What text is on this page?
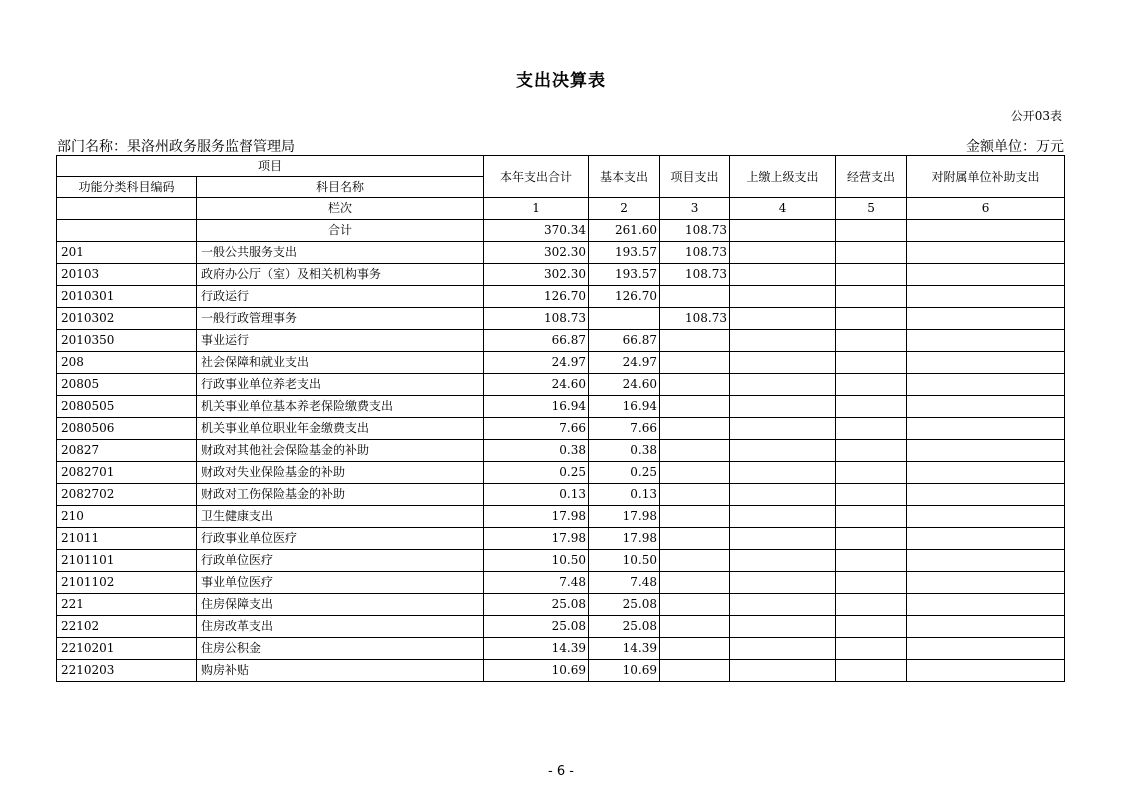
支出决算表
公开03表
部门名称：果洛州政务服务监督管理局	金额单位：万元
项目		本年支出合计	基本支出	项目支出	上缴上级支出	经营支出	对附属单位补助支出
功能分类科目编码	科目名称						
	栏次	1	2	3	4	5	6
	合计	370.34	261.60	108.73			
201	一般公共服务支出	302.30	193.57	108.73			
20103	政府办公厅（室）及相关机构事务	302.30	193.57	108.73			
2010301	行政运行	126.70	126.70				
2010302	一般行政管理事务	108.73		108.73			
2010350	事业运行	66.87	66.87				
208	社会保障和就业支出	24.97	24.97				
20805	行政事业单位养老支出	24.60	24.60				
2080505	机关事业单位基本养老保险缴费支出	16.94	16.94				
2080506	机关事业单位职业年金缴费支出	7.66	7.66				
20827	财政对其他社会保险基金的补助	0.38	0.38				
2082701	财政对失业保险基金的补助	0.25	0.25				
2082702	财政对工伤保险基金的补助	0.13	0.13				
210	卫生健康支出	17.98	17.98				
21011	行政事业单位医疗	17.98	17.98				
2101101	行政单位医疗	10.50	10.50				
2101102	事业单位医疗	7.48	7.48				
221	住房保障支出	25.08	25.08				
22102	住房改革支出	25.08	25.08				
2210201	住房公积金	14.39	14.39				
2210203	购房补贴	10.69	10.69				
- 6 -
